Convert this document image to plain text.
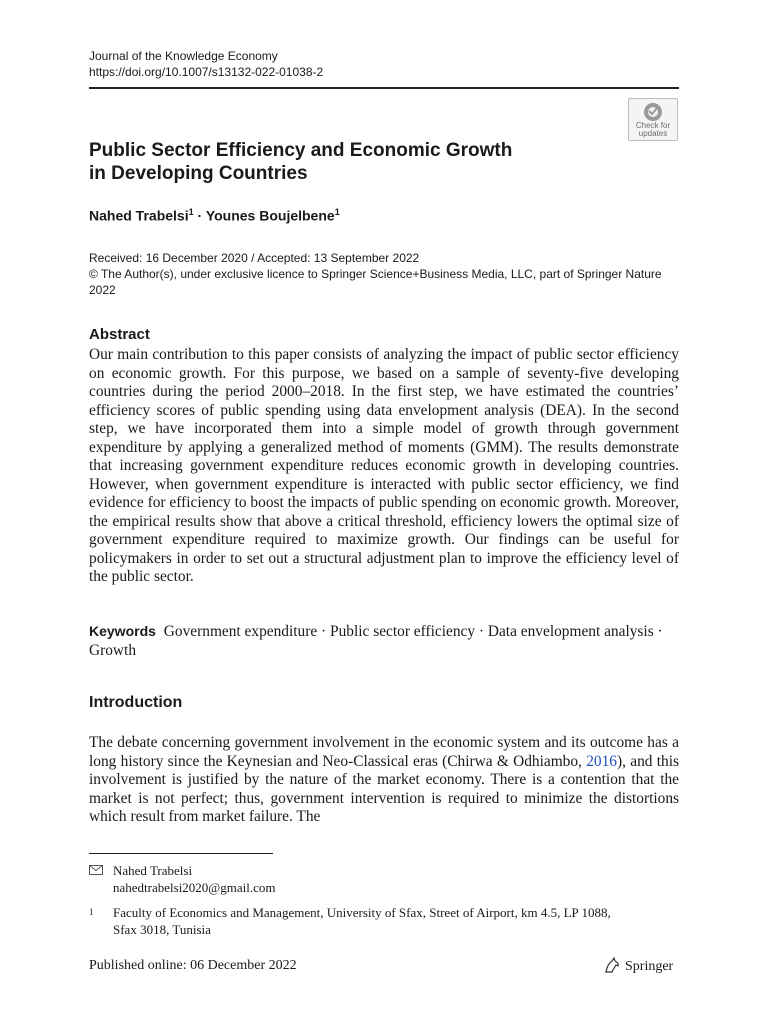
Journal of the Knowledge Economy
https://doi.org/10.1007/s13132-022-01038-2
Check for
updates
Public Sector Efficiency and Economic Growth
in Developing Countries
Nahed Trabelsi$^1$ · Younes Boujelbene$^1$
Received: 16 December 2020 / Accepted: 13 September 2022
© The Author(s), under exclusive licence to Springer Science+Business Media, LLC, part of Springer Nature
2022
Abstract
Our main contribution to this paper consists of analyzing the impact of public sector efficiency on economic growth. For this purpose, we based on a sample of seventy-five developing countries during the period 2000–2018. In the first step, we have estimated the countries’ efficiency scores of public spending using data envelopment analysis (DEA). In the second step, we have incorporated them into a simple model of growth through government expenditure by applying a generalized method of moments (GMM). The results demonstrate that increasing government expenditure reduces economic growth in developing countries. However, when government expenditure is interacted with public sector efficiency, we find evidence for efficiency to boost the impacts of public spending on economic growth. Moreover, the empirical results show that above a critical threshold, efficiency lowers the optimal size of government expenditure required to maximize growth. Our findings can be useful for policymakers in order to set out a structural adjustment plan to improve the efficiency level of the public sector.
Keywords Government expenditure · Public sector efficiency · Data envelopment analysis · Growth
Introduction
The debate concerning government involvement in the economic system and its outcome has a long history since the Keynesian and Neo-Classical eras (Chirwa & Odhiambo, 2016), and this involvement is justified by the nature of the market economy. There is a contention that the market is not perfect; thus, government intervention is required to minimize the distortions which result from market failure. The
Nahed Trabelsi
nahedtrabelsi2020@gmail.com
1 Faculty of Economics and Management, University of Sfax, Street of Airport, km 4.5, LP 1088,
Sfax 3018, Tunisia
Published online: 06 December 2022	Springer
